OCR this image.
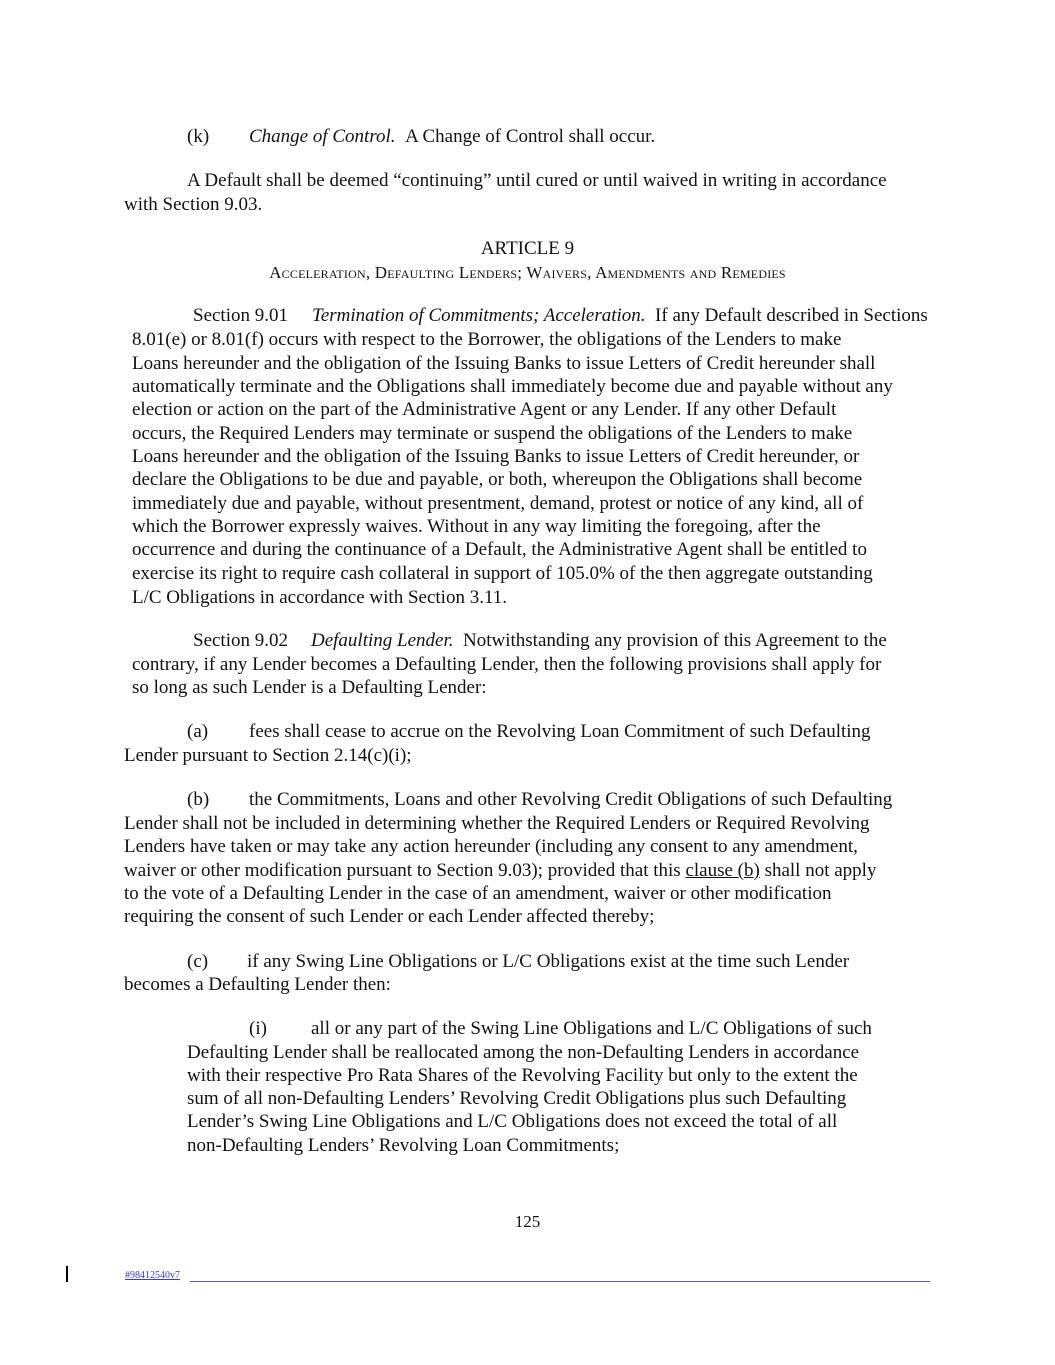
(k) Change of Control. A Change of Control shall occur.
A Default shall be deemed “continuing” until cured or until waived in writing in accordance
with Section 9.03.
ARTICLE 9
Acceleration, Defaulting Lenders; Waivers, Amendments and Remedies
Section 9.01 Termination of Commitments; Acceleration. If any Default described in Sections
8.01(e) or 8.01(f) occurs with respect to the Borrower, the obligations of the Lenders to make
Loans hereunder and the obligation of the Issuing Banks to issue Letters of Credit hereunder shall
automatically terminate and the Obligations shall immediately become due and payable without any
election or action on the part of the Administrative Agent or any Lender. If any other Default
occurs, the Required Lenders may terminate or suspend the obligations of the Lenders to make
Loans hereunder and the obligation of the Issuing Banks to issue Letters of Credit hereunder, or
declare the Obligations to be due and payable, or both, whereupon the Obligations shall become
immediately due and payable, without presentment, demand, protest or notice of any kind, all of
which the Borrower expressly waives. Without in any way limiting the foregoing, after the
occurrence and during the continuance of a Default, the Administrative Agent shall be entitled to
exercise its right to require cash collateral in support of 105.0% of the then aggregate outstanding
L/C Obligations in accordance with Section 3.11.
Section 9.02 Defaulting Lender. Notwithstanding any provision of this Agreement to the
contrary, if any Lender becomes a Defaulting Lender, then the following provisions shall apply for
so long as such Lender is a Defaulting Lender:
(a) fees shall cease to accrue on the Revolving Loan Commitment of such Defaulting
Lender pursuant to Section 2.14(c)(i);
(b) the Commitments, Loans and other Revolving Credit Obligations of such Defaulting
Lender shall not be included in determining whether the Required Lenders or Required Revolving
Lenders have taken or may take any action hereunder (including any consent to any amendment,
waiver or other modification pursuant to Section 9.03); provided that this clause (b) shall not apply
to the vote of a Defaulting Lender in the case of an amendment, waiver or other modification
requiring the consent of such Lender or each Lender affected thereby;
(c) if any Swing Line Obligations or L/C Obligations exist at the time such Lender
becomes a Defaulting Lender then:
(i) all or any part of the Swing Line Obligations and L/C Obligations of such
Defaulting Lender shall be reallocated among the non-Defaulting Lenders in accordance
with their respective Pro Rata Shares of the Revolving Facility but only to the extent the
sum of all non-Defaulting Lenders’ Revolving Credit Obligations plus such Defaulting
Lender’s Swing Line Obligations and L/C Obligations does not exceed the total of all
non-Defaulting Lenders’ Revolving Loan Commitments;
125
#98412540v7
